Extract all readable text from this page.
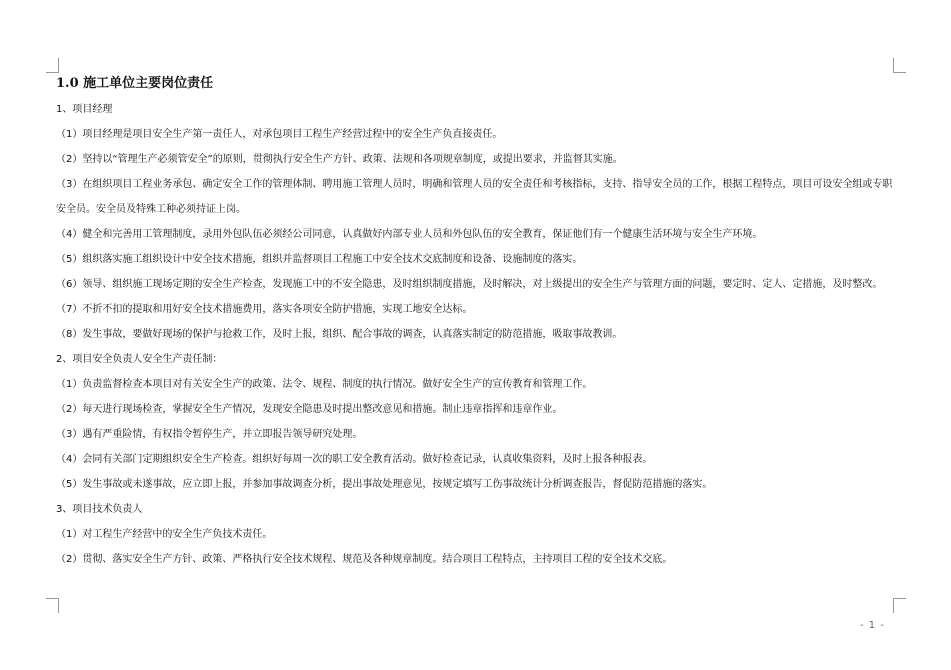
1.0 施工单位主要岗位责任
1、项目经理
（1）项目经理是项目安全生产第一责任人，对承包项目工程生产经营过程中的安全生产负直接责任。
（2）坚持以“管理生产必须管安全”的原则，贯彻执行安全生产方针、政策、法规和各项规章制度，或提出要求，并监督其实施。
（3）在组织项目工程业务承包、确定安全工作的管理体制、聘用施工管理人员时，明确和管理人员的安全责任和考核指标，支持、指导安全员的工作，根据工程特点，项目可设安全组或专职安全员。安全员及特殊工种必须持证上岗。
（4）健全和完善用工管理制度，录用外包队伍必须经公司同意，认真做好内部专业人员和外包队伍的安全教育，保证他们有一个健康生活环境与安全生产环境。
（5）组织落实施工组织设计中安全技术措施，组织并监督项目工程施工中安全技术交底制度和设备、设施制度的落实。
（6）领导、组织施工现场定期的安全生产检查，发现施工中的不安全隐患，及时组织制度措施，及时解决，对上级提出的安全生产与管理方面的问题，要定时、定人、定措施，及时整改。
（7）不折不扣的提取和用好安全技术措施费用，落实各项安全防护措施，实现工地安全达标。
（8）发生事故，要做好现场的保护与抢救工作，及时上报，组织、配合事故的调查，认真落实制定的防范措施，吸取事故教训。
2、项目安全负责人安全生产责任制：
（1）负责监督检查本项目对有关安全生产的政策、法令、规程、制度的执行情况。做好安全生产的宣传教育和管理工作。
（2）每天进行现场检查，掌握安全生产情况，发现安全隐患及时提出整改意见和措施。制止违章指挥和违章作业。
（3）遇有严重险情，有权指令暂停生产，并立即报告领导研究处理。
（4）会同有关部门定期组织安全生产检查。组织好每周一次的职工安全教育活动。做好检查记录，认真收集资料，及时上报各种报表。
（5）发生事故或未遂事故，应立即上报，并参加事故调查分析，提出事故处理意见，按规定填写工伤事故统计分析调查报告，督促防范措施的落实。
3、项目技术负责人
（1）对工程生产经营中的安全生产负技术责任。
（2）贯彻、落实安全生产方针、政策、严格执行安全技术规程、规范及各种规章制度。结合项目工程特点，主持项目工程的安全技术交底。
- 1 -
